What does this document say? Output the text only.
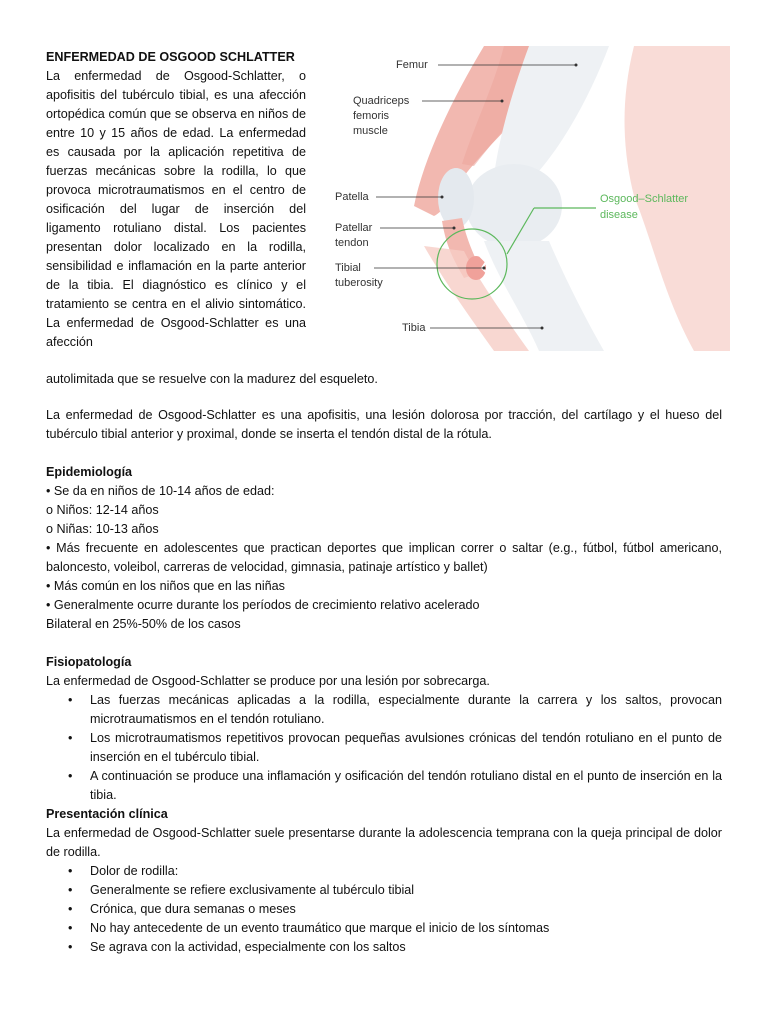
ENFERMEDAD DE OSGOOD SCHLATTER
La enfermedad de Osgood-Schlatter, o apofisitis del tubérculo tibial, es una afección ortopédica común que se observa en niños de entre 10 y 15 años de edad. La enfermedad es causada por la aplicación repetitiva de fuerzas mecánicas sobre la rodilla, lo que provoca microtraumatismos en el centro de osificación del lugar de inserción del ligamento rotuliano distal. Los pacientes presentan dolor localizado en la rodilla, sensibilidad e inflamación en la parte anterior de la tibia. El diagnóstico es clínico y el tratamiento se centra en el alivio sintomático. La enfermedad de Osgood-Schlatter es una afección
autolimitada que se resuelve con la madurez del esqueleto.
Femur
Quadriceps
femoris
muscle
Patella
Patellar
tendon
Tibial
tuberosity
Tibia
Osgood–Schlatter
disease

La enfermedad de Osgood-Schlatter es una apofisitis, una lesión dolorosa por tracción, del cartílago y el hueso del tubérculo tibial anterior y proximal, donde se inserta el tendón distal de la rótula.

Epidemiología

• Se da en niños de 10-14 años de edad:

o Niños: 12-14 años

o Niñas: 10-13 años

• Más frecuente en adolescentes que practican deportes que implican correr o saltar (e.g., fútbol, fútbol americano, baloncesto, voleibol, carreras de velocidad, gimnasia, patinaje artístico y ballet)

• Más común en los niños que en las niñas

• Generalmente ocurre durante los períodos de crecimiento relativo acelerado

Bilateral en 25%-50% de los casos

Fisiopatología

La enfermedad de Osgood-Schlatter se produce por una lesión por sobrecarga.

• Las fuerzas mecánicas aplicadas a la rodilla, especialmente durante la carrera y los saltos, provocan microtraumatismos en el tendón rotuliano.
• Los microtraumatismos repetitivos provocan pequeñas avulsiones crónicas del tendón rotuliano en el punto de inserción en el tubérculo tibial.
• A continuación se produce una inflamación y osificación del tendón rotuliano distal en el punto de inserción en la tibia.
Presentación clínica

La enfermedad de Osgood-Schlatter suele presentarse durante la adolescencia temprana con la queja principal de dolor de rodilla.

• Dolor de rodilla:
• Generalmente se refiere exclusivamente al tubérculo tibial
• Crónica, que dura semanas o meses
• No hay antecedente de un evento traumático que marque el inicio de los síntomas
• Se agrava con la actividad, especialmente con los saltos
